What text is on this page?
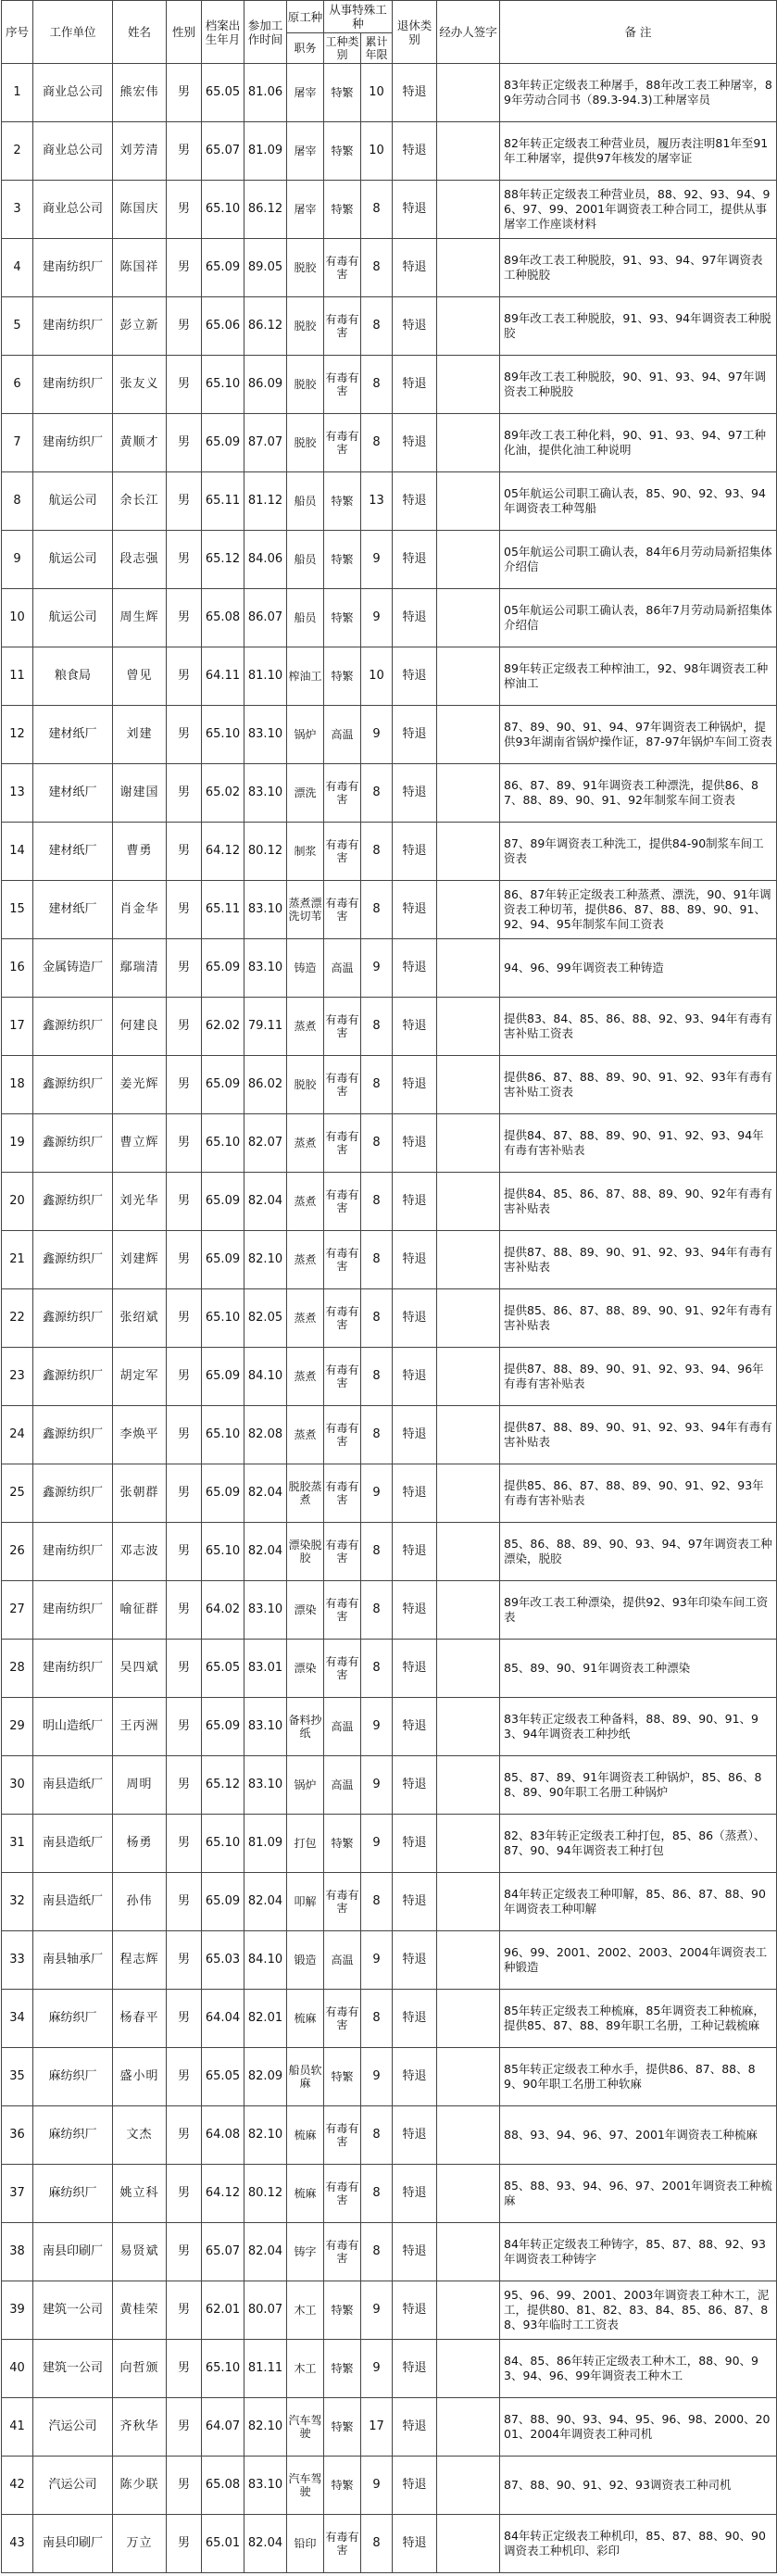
序号	工作单位	姓名	性别	档案出生年月	参加工作时间	原工种	从事特殊工 种		退休类别	经办人签字	备 注
						职务	工种类别	累计年限			
1	商业总公司	熊宏伟	男	65.05	81.06	屠宰	特繁	10	特退		83年转正定级表工种屠手，88年改工表工种屠宰，89年劳动合同书（89.3-94.3)工种屠宰员
2	商业总公司	刘芳清	男	65.07	81.09	屠宰	特繁	10	特退		82年转正定级表工种营业员，履历表注明81年至91年工种屠宰，提供97年核发的屠宰证
3	商业总公司	陈国庆	男	65.10	86.12	屠宰	特繁	8	特退		88年转正定级表工种营业员，88、92、93、94、96、97、99、2001年调资表工种合同工，提供从事屠宰工作座谈材料
4	建南纺织厂	陈国祥	男	65.09	89.05	脱胶	有毒有害	8	特退		89年改工表工种脱胶，91、93、94、97年调资表工种脱胶
5	建南纺织厂	彭立新	男	65.06	86.12	脱胶	有毒有害	8	特退		89年改工表工种脱胶，91、93、94年调资表工种脱胶
6	建南纺织厂	张友义	男	65.10	86.09	脱胶	有毒有害	8	特退		89年改工表工种脱胶，90、91、93、94、97年调资表工种脱胶
7	建南纺织厂	黄顺才	男	65.09	87.07	脱胶	有毒有害	8	特退		89年改工表工种化料，90、91、93、94、97工种化油，提供化油工种说明
8	航运公司	余长江	男	65.11	81.12	船员	特繁	13	特退		05年航运公司职工确认表，85、90、92、93、94年调资表工种驾船
9	航运公司	段志强	男	65.12	84.06	船员	特繁	9	特退		05年航运公司职工确认表，84年6月劳动局新招集体介绍信
10	航运公司	周生辉	男	65.08	86.07	船员	特繁	9	特退		05年航运公司职工确认表，86年7月劳动局新招集体介绍信
11	粮食局	曾见	男	64.11	81.10	榨油工	特繁	10	特退		89年转正定级表工种榨油工，92、98年调资表工种榨油工
12	建材纸厂	刘建	男	65.10	83.10	锅炉	高温	9	特退		87、89、90、91、94、97年调资表工种锅炉，提供93年湖南省锅炉操作证，87-97年锅炉车间工资表
13	建材纸厂	谢建国	男	65.02	83.10	漂洗	有毒有害	8	特退		86、87、89、91年调资表工种漂洗，提供86、87、88、89、90、91、92年制浆车间工资表
14	建材纸厂	曹勇	男	64.12	80.12	制浆	有毒有害	8	特退		87、89年调资表工种洗工，提供84-90制浆车间工资表
15	建材纸厂	肖金华	男	65.11	83.10	蒸煮漂洗切苇	有毒有害	8	特退		86、87年转正定级表工种蒸煮、漂洗，90、91年调资表工种切苇，提供86、87、88、89、90、91、92、94、95年制浆车间工资表
16	金属铸造厂	鄢瑞清	男	65.09	83.10	铸造	高温	9	特退		94、96、99年调资表工种铸造
17	鑫源纺织厂	何建良	男	62.02	79.11	蒸煮	有毒有害	8	特退		提供83、84、85、86、88、92、93、94年有毒有害补贴工资表
18	鑫源纺织厂	姜光辉	男	65.09	86.02	脱胶	有毒有害	8	特退		提供86、87、88、89、90、91、92、93年有毒有害补贴工资表
19	鑫源纺织厂	曹立辉	男	65.10	82.07	蒸煮	有毒有害	8	特退		提供84、87、88、89、90、91、92、93、94年有毒有害补贴表
20	鑫源纺织厂	刘光华	男	65.09	82.04	蒸煮	有毒有害	8	特退		提供84、85、86、87、88、89、90、92年有毒有害补贴表
21	鑫源纺织厂	刘建辉	男	65.09	82.10	蒸煮	有毒有害	8	特退		提供87、88、89、90、91、92、93、94年有毒有害补贴表
22	鑫源纺织厂	张绍斌	男	65.10	82.05	蒸煮	有毒有害	8	特退		提供85、86、87、88、89、90、91、92年有毒有害补贴表
23	鑫源纺织厂	胡定军	男	65.09	84.10	蒸煮	有毒有害	8	特退		提供87、88、89、90、91、92、93、94、96年有毒有害补贴表
24	鑫源纺织厂	李焕平	男	65.10	82.08	蒸煮	有毒有害	8	特退		提供87、88、89、90、91、92、93、94年有毒有害补贴表
25	鑫源纺织厂	张朝群	男	65.09	82.04	脱胶蒸煮	有毒有害	9	特退		提供85、86、87、88、89、90、91、92、93年有毒有害补贴表
26	建南纺织厂	邓志波	男	65.10	82.04	漂染脱胶	有毒有害	8	特退		85、86、88、89、90、93、94、97年调资表工种漂染，脱胶
27	建南纺织厂	喻征群	男	64.02	83.10	漂染	有毒有害	8	特退		89年改工表工种漂染，提供92、93年印染车间工资表
28	建南纺织厂	吴四斌	男	65.05	83.01	漂染	有毒有害	8	特退		85、89、90、91年调资表工种漂染
29	明山造纸厂	王丙洲	男	65.09	83.10	备料抄纸	高温	9	特退		83年转正定级表工种备料，88、89、90、91、93、94年调资表工种抄纸
30	南县造纸厂	周明	男	65.12	83.10	锅炉	高温	9	特退		85、87、89、91年调资表工种锅炉，85、86、88、89、90年职工名册工种锅炉
31	南县造纸厂	杨勇	男	65.10	81.09	打包	特繁	9	特退		82、83年转正定级表工种打包，85、86（蒸煮）、87、90、94年调资表工种打包
32	南县造纸厂	孙伟	男	65.09	82.04	叩解	有毒有害	8	特退		84年转正定级表工种叩解，85、86、87、88、90年调资表工种叩解
33	南县轴承厂	程志辉	男	65.03	84.10	锻造	高温	9	特退		96、99、2001、2002、2003、2004年调资表工种锻造
34	麻纺织厂	杨春平	男	64.04	82.01	梳麻	有毒有害	8	特退		85年转正定级表工种梳麻，85年调资表工种梳麻，提供85、87、88、89年职工名册，工种记载梳麻
35	麻纺织厂	盛小明	男	65.05	82.09	船员软麻	特繁	9	特退		85年转正定级表工种水手，提供86、87、88、89、90年职工名册工种软麻
36	麻纺织厂	文杰	男	64.08	82.10	梳麻	有毒有害	8	特退		88、93、94、96、97、2001年调资表工种梳麻
37	麻纺织厂	姚立科	男	64.12	80.12	梳麻	有毒有害	8	特退		85、88、93、94、96、97、2001年调资表工种梳麻
38	南县印刷厂	易贤斌	男	65.07	82.04	铸字	有毒有害	8	特退		84年转正定级表工种铸字，85、87、88、92、93年调资表工种铸字
39	建筑一公司	黄桂荣	男	62.01	80.07	木工	特繁	9	特退		95、96、99、2001、2003年调资表工种木工，泥工，提供80、81、82、83、84、85、86、87、88、93年临时工工资表
40	建筑一公司	向哲颁	男	65.10	81.11	木工	特繁	9	特退		84、85、86年转正定级表工种木工，88、90、93、94、96、99年调资表工种木工
41	汽运公司	齐秋华	男	64.07	82.10	汽车驾驶	特繁	17	特退		87、88、90、93、94、95、96、98、2000、2001、2004年调资表工种司机
42	汽运公司	陈少联	男	65.08	83.10	汽车驾驶	特繁	9	特退		87、88、90、91、92、93调资表工种司机
43	南县印刷厂	万立	男	65.01	82.04	铅印	有毒有害	8	特退		84年转正定级表工种机印，85、87、88、90、90调资表工种机印、彩印
